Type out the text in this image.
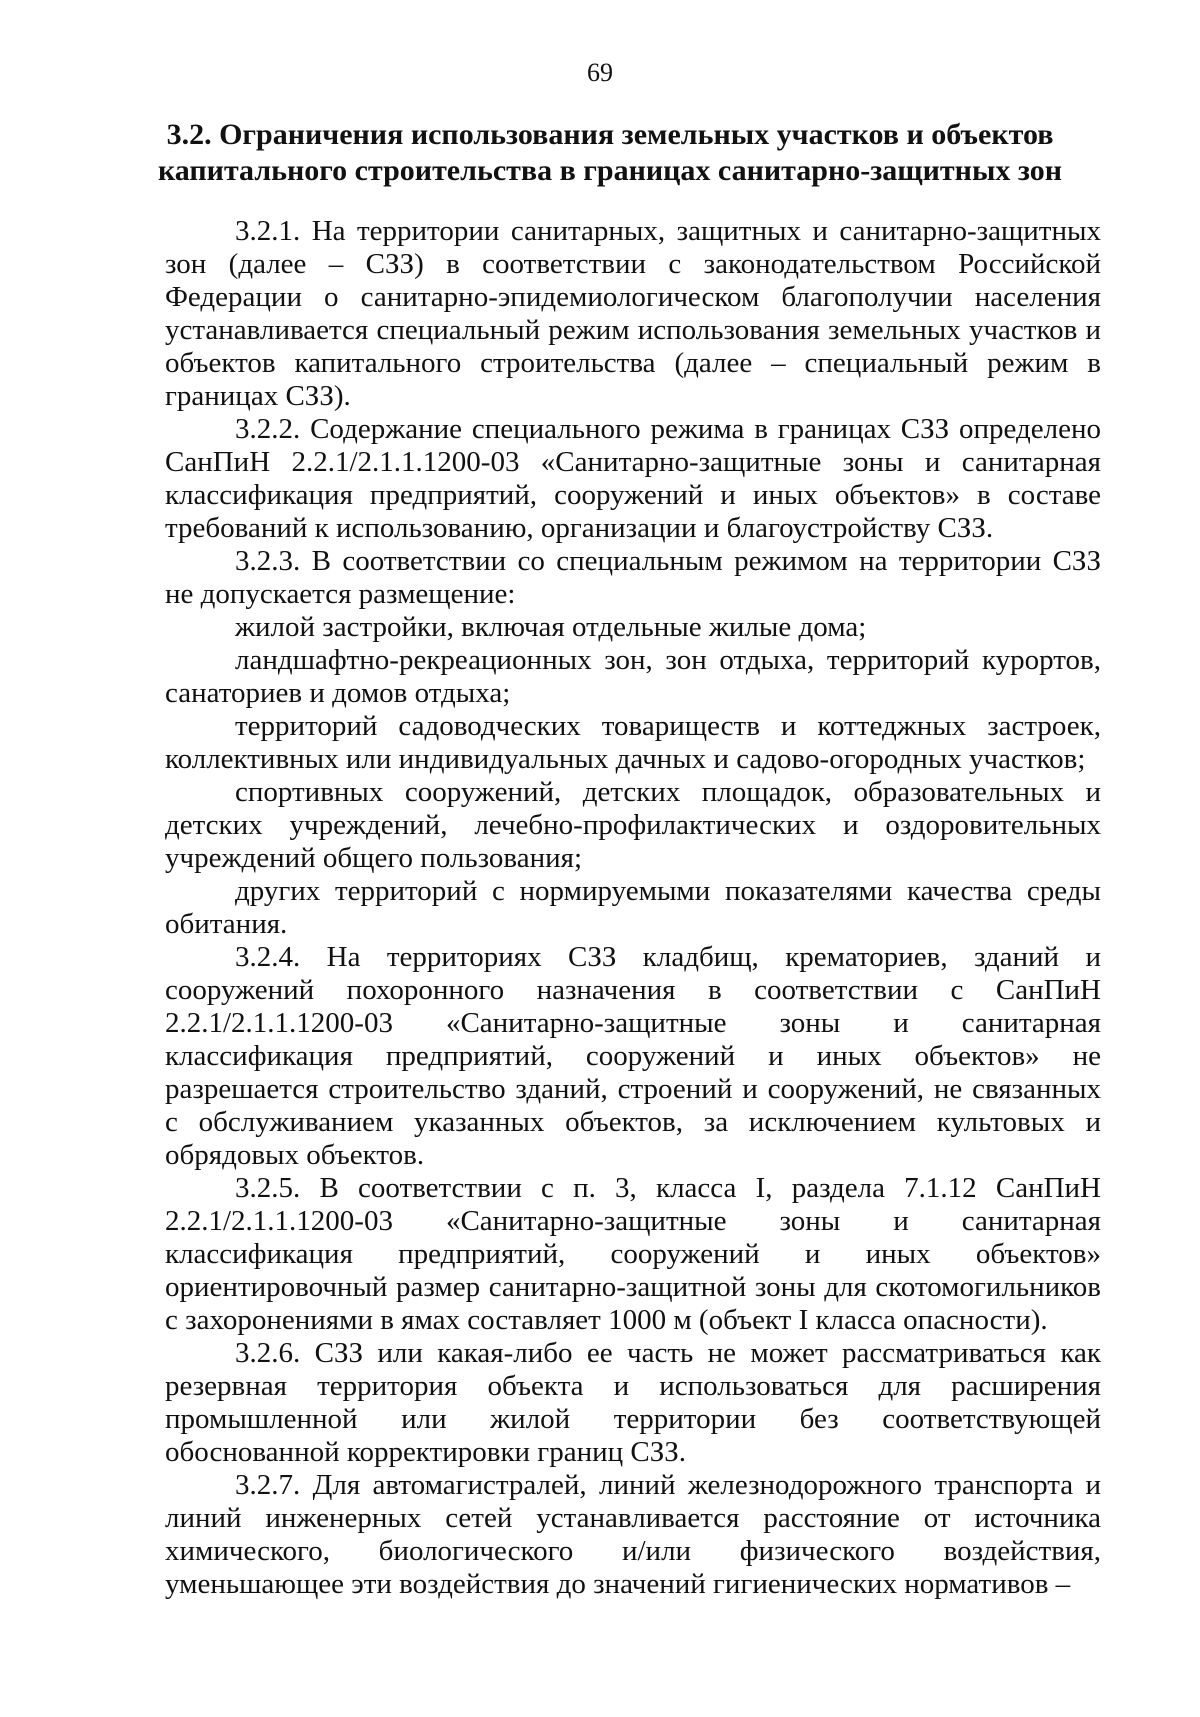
69
3.2. Ограничения использования земельных участков и объектов
капитального строительства в границах санитарно-защитных зон

3.2.1. На территории санитарных, защитных и санитарно-защитных зон (далее – СЗЗ) в соответствии с законодательством Российской Федерации о санитарно-эпидемиологическом благополучии населения устанавливается специальный режим использования земельных участков и объектов капитального строительства (далее – специальный режим в границах СЗЗ).

3.2.2. Содержание специального режима в границах СЗЗ определено СанПиН 2.2.1/2.1.1.1200-03 «Санитарно-защитные зоны и санитарная классификация предприятий, сооружений и иных объектов» в составе требований к использованию, организации и благоустройству СЗЗ.

3.2.3. В соответствии со специальным режимом на территории СЗЗ не допускается размещение:

жилой застройки, включая отдельные жилые дома;

ландшафтно-рекреационных зон, зон отдыха, территорий курортов, санаториев и домов отдыха;

территорий садоводческих товариществ и коттеджных застроек, коллективных или индивидуальных дачных и садово-огородных участков;

спортивных сооружений, детских площадок, образовательных и детских учреждений, лечебно-профилактических и оздоровительных учреждений общего пользования;

других территорий с нормируемыми показателями качества среды обитания.

3.2.4. На территориях СЗЗ кладбищ, крематориев, зданий и сооружений похоронного назначения в соответствии с СанПиН 2.2.1/2.1.1.1200-03 «Санитарно-защитные зоны и санитарная классификация предприятий, сооружений и иных объектов» не разрешается строительство зданий, строений и сооружений, не связанных с обслуживанием указанных объектов, за исключением культовых и обрядовых объектов.

3.2.5. В соответствии с п. 3, класса I, раздела 7.1.12 СанПиН 2.2.1/2.1.1.1200-03 «Санитарно-защитные зоны и санитарная классификация предприятий, сооружений и иных объектов» ориентировочный размер санитарно-защитной зоны для скотомогильников с захоронениями в ямах составляет 1000 м (объект I класса опасности).

3.2.6. СЗЗ или какая-либо ее часть не может рассматриваться как резервная территория объекта и использоваться для расширения промышленной или жилой территории без соответствующей обоснованной корректировки границ СЗЗ.

3.2.7. Для автомагистралей, линий железнодорожного транспорта и линий инженерных сетей устанавливается расстояние от источника химического, биологического и/или физического воздействия, уменьшающее эти воздействия до значений гигиенических нормативов –
